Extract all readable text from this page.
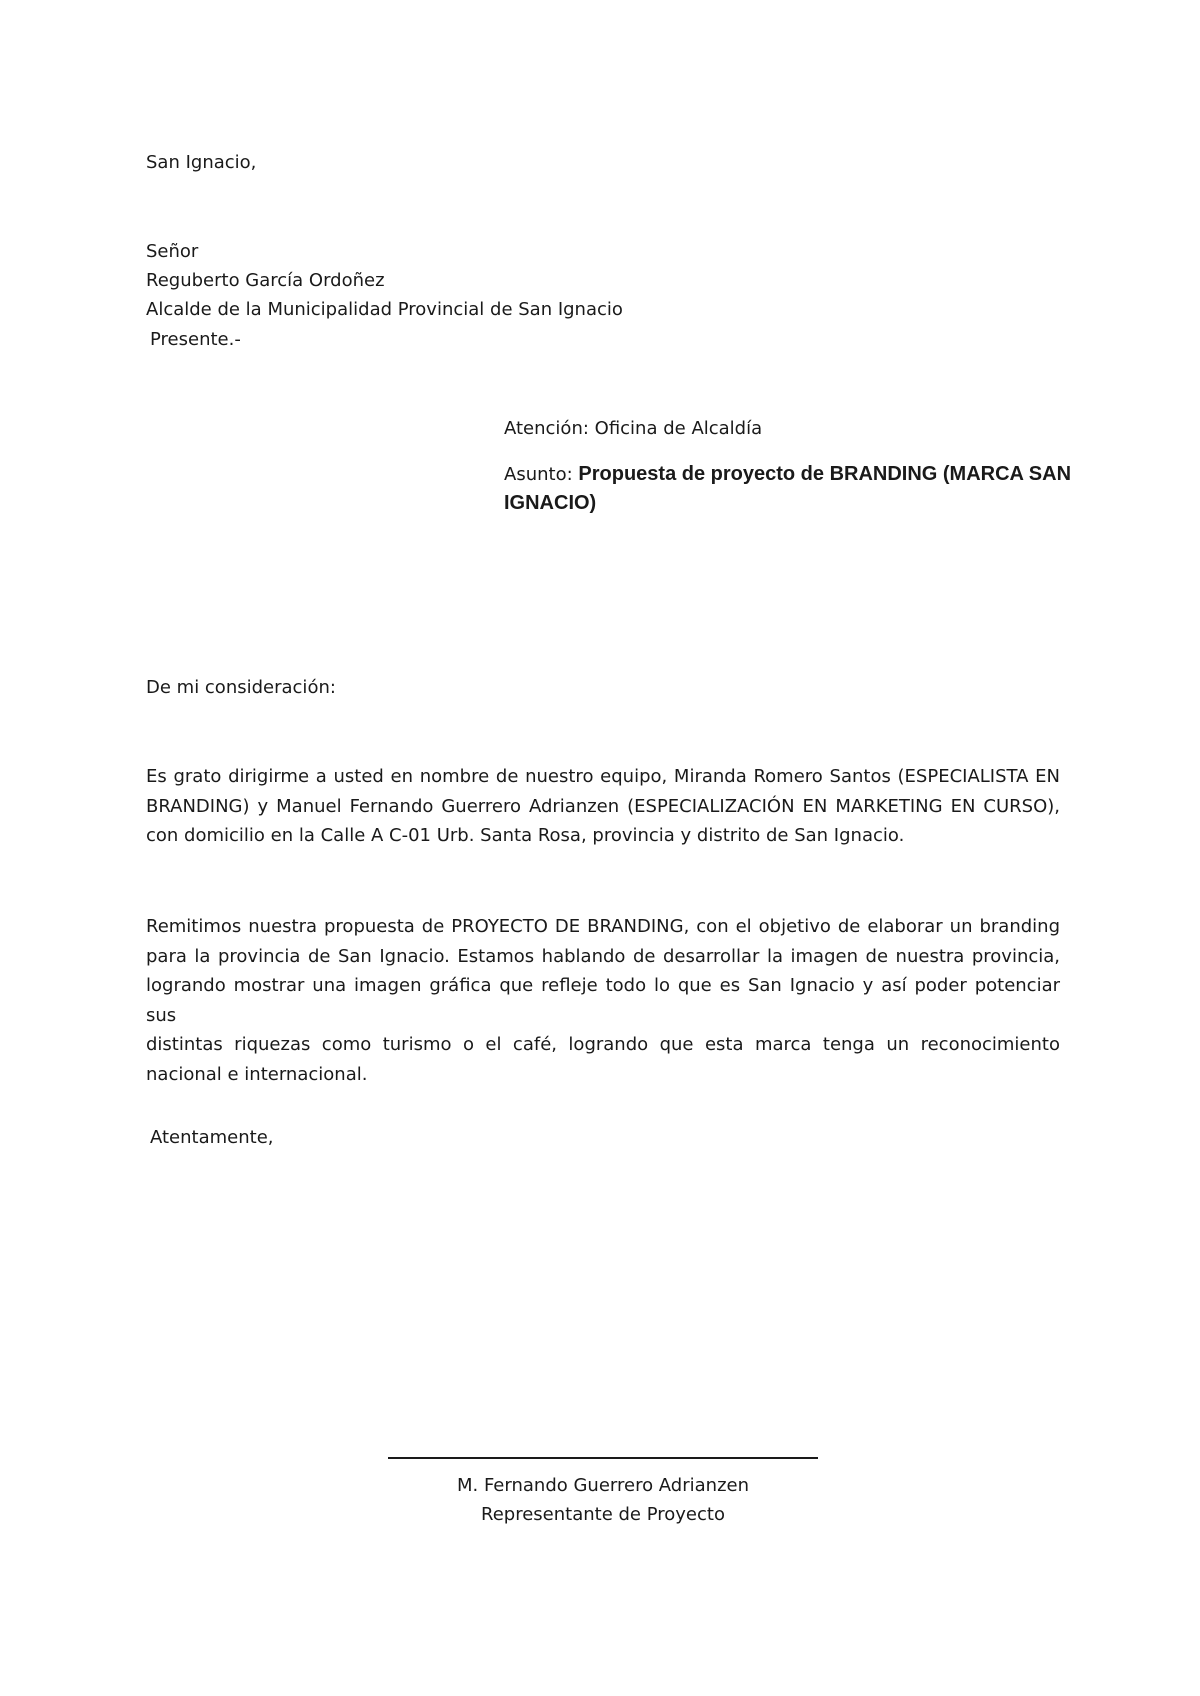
San Ignacio,
Señor
Reguberto García Ordoñez
Alcalde de la Municipalidad Provincial de San Ignacio
Presente.-
Atención: Oficina de Alcaldía
Asunto: Propuesta de proyecto de BRANDING (MARCA SAN
IGNACIO)
De mi consideración:
Es grato dirigirme a usted en nombre de nuestro equipo, Miranda Romero Santos (ESPECIALISTA EN
BRANDING) y Manuel Fernando Guerrero Adrianzen (ESPECIALIZACIÓN EN MARKETING EN CURSO),
con domicilio en la Calle A C-01 Urb. Santa Rosa, provincia y distrito de San Ignacio.
Remitimos nuestra propuesta de PROYECTO DE BRANDING, con el objetivo de elaborar un branding
para la provincia de San Ignacio. Estamos hablando de desarrollar la imagen de nuestra provincia,
logrando mostrar una imagen gráfica que refleje todo lo que es San Ignacio y así poder potenciar sus
distintas riquezas como turismo o el café, logrando que esta marca tenga un reconocimiento
nacional e internacional.
Atentamente,
M. Fernando Guerrero Adrianzen
Representante de Proyecto
